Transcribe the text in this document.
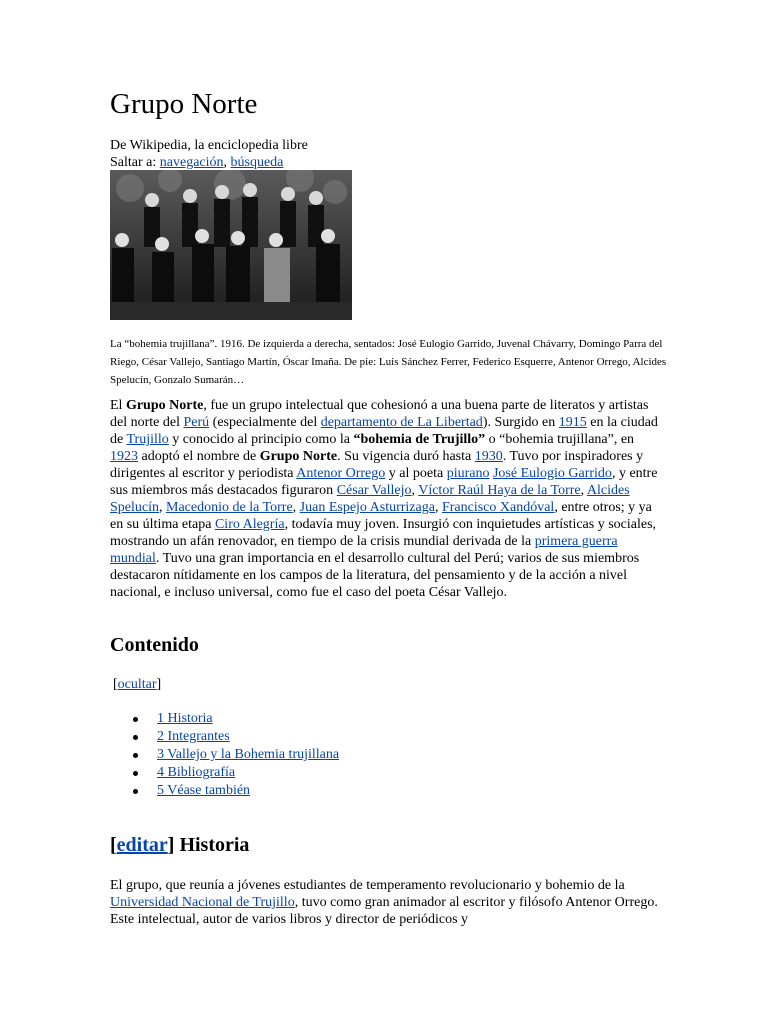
Grupo Norte
De Wikipedia, la enciclopedia libre
Saltar a: navegación, búsqueda
La “bohemia trujillana”. 1916. De izquierda a derecha, sentados: José Eulogio Garrido, Juvenal Chávarry, Domingo Parra del Riego, César Vallejo, Santiago Martín, Óscar Imaña. De pie: Luis Sánchez Ferrer, Federico Esquerre, Antenor Orrego, Alcides Spelucín, Gonzalo Sumarán…
El Grupo Norte, fue un grupo intelectual que cohesionó a una buena parte de literatos y artistas del norte del Perú (especialmente del departamento de La Libertad). Surgido en 1915 en la ciudad de Trujillo y conocido al principio como la “bohemia de Trujillo” o “bohemia trujillana”, en 1923 adoptó el nombre de Grupo Norte. Su vigencia duró hasta 1930. Tuvo por inspiradores y dirigentes al escritor y periodista Antenor Orrego y al poeta piurano José Eulogio Garrido, y entre sus miembros más destacados figuraron César Vallejo, Víctor Raúl Haya de la Torre, Alcides Spelucín, Macedonio de la Torre, Juan Espejo Asturrizaga, Francisco Xandóval, entre otros; y ya en su última etapa Ciro Alegría, todavía muy joven. Insurgió con inquietudes artísticas y sociales, mostrando un afán renovador, en tiempo de la crisis mundial derivada de la primera guerra mundial. Tuvo una gran importancia en el desarrollo cultural del Perú; varios de sus miembros destacaron nítidamente en los campos de la literatura, del pensamiento y de la acción a nivel nacional, e incluso universal, como fue el caso del poeta César Vallejo.
Contenido
[ocultar]
1 Historia
2 Integrantes
3 Vallejo y la Bohemia trujillana
4 Bibliografía
5 Véase también
[editar] Historia
El grupo, que reunía a jóvenes estudiantes de temperamento revolucionario y bohemio de la Universidad Nacional de Trujillo, tuvo como gran animador al escritor y filósofo Antenor Orrego. Este intelectual, autor de varios libros y director de periódicos y
